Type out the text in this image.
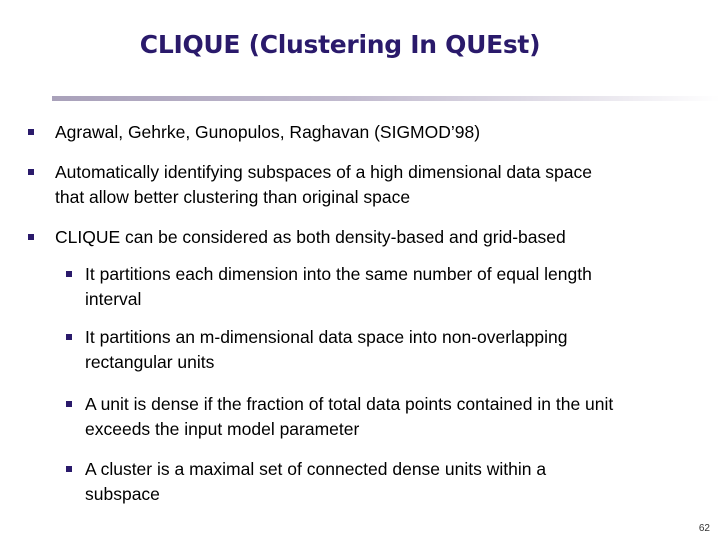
CLIQUE (Clustering In QUEst)
Agrawal, Gehrke, Gunopulos, Raghavan (SIGMOD’98)
Automatically identifying subspaces of a high dimensional data space
that allow better clustering than original space
CLIQUE can be considered as both density-based and grid-based
It partitions each dimension into the same number of equal length
interval
It partitions an m-dimensional data space into non-overlapping
rectangular units
A unit is dense if the fraction of total data points contained in the unit
exceeds the input model parameter
A cluster is a maximal set of connected dense units within a
subspace
62
